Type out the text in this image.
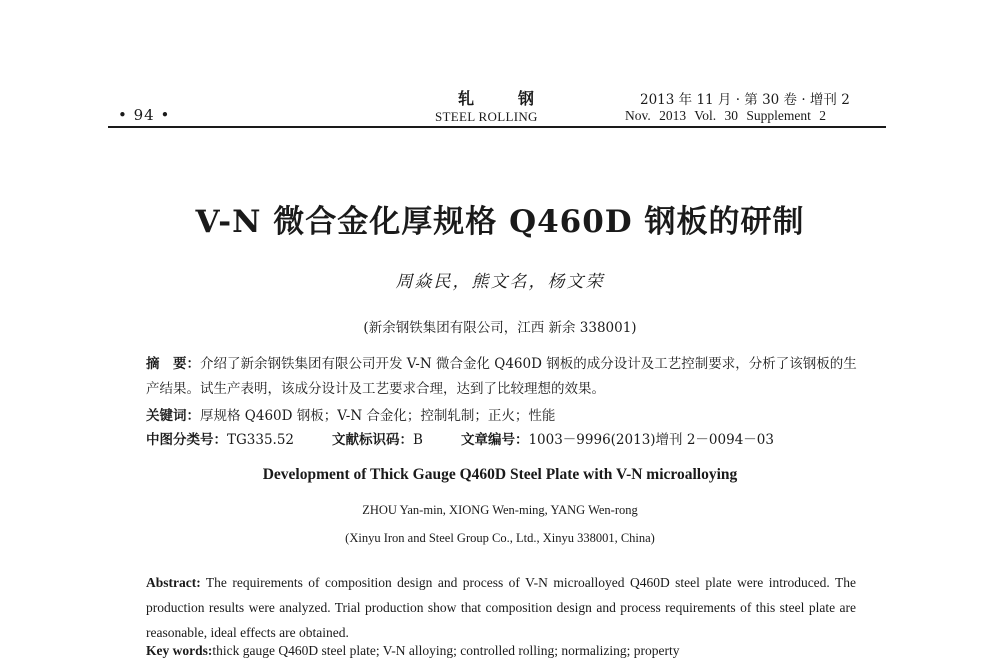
• 94 •
轧钢
STEEL ROLLING
2013 年 11 月 · 第 30 卷 · 增刊 2
Nov. 2013 Vol. 30 Supplement 2
V-N 微合金化厚规格 Q460D 钢板的研制
周焱民，熊文名，杨文荣
(新余钢铁集团有限公司，江西 新余 338001)
摘　要：介绍了新余钢铁集团有限公司开发 V-N 微合金化 Q460D 钢板的成分设计及工艺控制要求，分析了该钢板的生产结果。试生产表明，该成分设计及工艺要求合理，达到了比较理想的效果。
关键词：厚规格 Q460D 钢板；V-N 合金化；控制轧制；正火；性能
中图分类号：TG335.52	文献标识码：B	文章编号：1003－9996(2013)增刊 2－0094－03
Development of Thick Gauge Q460D Steel Plate with V-N microalloying
ZHOU Yan-min, XIONG Wen-ming, YANG Wen-rong
(Xinyu Iron and Steel Group Co., Ltd., Xinyu 338001, China)
Abstract: The requirements of composition design and process of V-N microalloyed Q460D steel plate were introduced. The production results were analyzed. Trial production show that composition design and process requirements of this steel plate are reasonable, ideal effects are obtained.
Key words:thick gauge Q460D steel plate; V-N alloying; controlled rolling; normalizing; property
